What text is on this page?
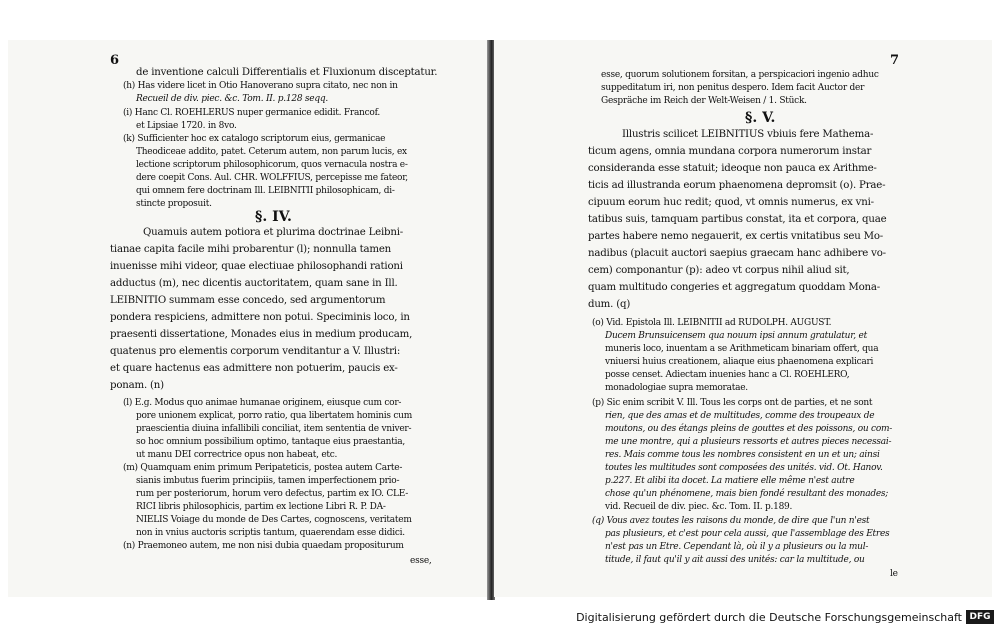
6
de inventione calculi Differentialis et Fluxionum disceptatur.
(h) Has videre licet in Otio Hanoverano supra citato, nec non in
Recueil de div. piec. &c. Tom. II. p.128 seqq.
(i) Hanc Cl. ROEHLERUS nuper germanice edidit. Francof.
et Lipsiae 1720. in 8vo.
(k) Sufficienter hoc ex catalogo scriptorum eius, germanicae
Theodiceae addito, patet. Ceterum autem, non parum lucis, ex
lectione scriptorum philosophicorum, quos vernacula nostra e-
dere coepit Cons. Aul. CHR. WOLFFIUS, percepisse me fateor,
qui omnem fere doctrinam Ill. LEIBNITII philosophicam, di-
stincte proposuit.
§. IV.
Quamuis autem potiora et plurima doctrinae Leibni-
tianae capita facile mihi probarentur (l); nonnulla tamen
inuenisse mihi videor, quae electiuae philosophandi rationi
adductus (m), nec dicentis auctoritatem, quam sane in Ill.
LEIBNITIO summam esse concedo, sed argumentorum
pondera respiciens, admittere non potui. Speciminis loco, in
praesenti dissertatione, Monades eius in medium producam,
quatenus pro elementis corporum venditantur a V. Illustri:
et quare hactenus eas admittere non potuerim, paucis ex-
ponam. (n)
(l) E.g. Modus quo animae humanae originem, eiusque cum cor-
pore unionem explicat, porro ratio, qua libertatem hominis cum
praescientia diuina infallibili conciliat, item sententia de vniver-
so hoc omnium possibilium optimo, tantaque eius praestantia,
ut manu DEI correctrice opus non habeat, etc.
(m) Quamquam enim primum Peripateticis, postea autem Carte-
sianis imbutus fuerim principiis, tamen imperfectionem prio-
rum per posteriorum, horum vero defectus, partim ex IO. CLE-
RICI libris philosophicis, partim ex lectione Libri R. P. DA-
NIELIS Voiage du monde de Des Cartes, cognoscens, veritatem
non in vnius auctoris scriptis tantum, quaerendam esse didici.
(n) Praemoneo autem, me non nisi dubia quaedam propositurum
esse,
7
esse, quorum solutionem forsitan, a perspicaciori ingenio adhuc
suppeditatum iri, non penitus despero. Idem facit Auctor der
Gespräche im Reich der Welt-Weisen / 1. Stück.
§. V.
Illustris scilicet LEIBNITIUS vbiuis fere Mathema-
ticum agens, omnia mundana corpora numerorum instar
considerandа esse statuit; ideoque non pauca ex Arithme-
ticis ad illustranda eorum phaenomena depromsit (o). Prae-
cipuum eorum huc redit; quod, vt omnis numerus, ex vni-
tatibus suis, tamquam partibus constat, ita et corpora, quae
partes habere nemo negauerit, ex certis vnitatibus seu Mo-
nadibus (placuit auctori saepius graecam hanc adhibere vo-
cem) componantur (p): adeo vt corpus nihil aliud sit,
quam multitudo congeries et aggregatum quoddam Mona-
dum. (q)
(o) Vid. Epistola Ill. LEIBNITII ad RUDOLPH. AUGUST.
Ducem Brunsuicensem qua nouum ipsi annum gratulatur, et
muneris loco, inuentam a se Arithmeticam binariam offert, qua
vniuersi huius creationem, aliaque eius phaenomena explicari
posse censet. Adiectam inuenies hanc a Cl. ROEHLERO,
monadologiae supra memoratae.
(p) Sic enim scribit V. Ill. Tous les corps ont de parties, et ne sont
rien, que des amas et de multitudes, comme des troupeaux de
moutons, ou des étangs pleins de gouttes et des poissons, ou com-
me une montre, qui a plusieurs ressorts et autres pieces necessai-
res. Mais comme tous les nombres consistent en un et un; ainsi
toutes les multitudes sont composées des unités. vid. Ot. Hanov.
p.227. Et alibi ita docet. La matiere elle même n'est autre
chose qu'un phénomene, mais bien fondé resultant des monades;
vid. Recueil de div. piec. &c. Tom. II. p.189.
(q) Vous avez toutes les raisons du monde, de dire que l'un n'est
pas plusieurs, et c'est pour cela aussi, que l'assemblage des Etres
n'est pas un Etre. Cependant là, où il y a plusieurs ou la mul-
titude, il faut qu'il y ait aussi des unités: car la multitude, ou
le
Digitalisierung gefördert durch die Deutsche Forschungsgemeinschaft DFG
